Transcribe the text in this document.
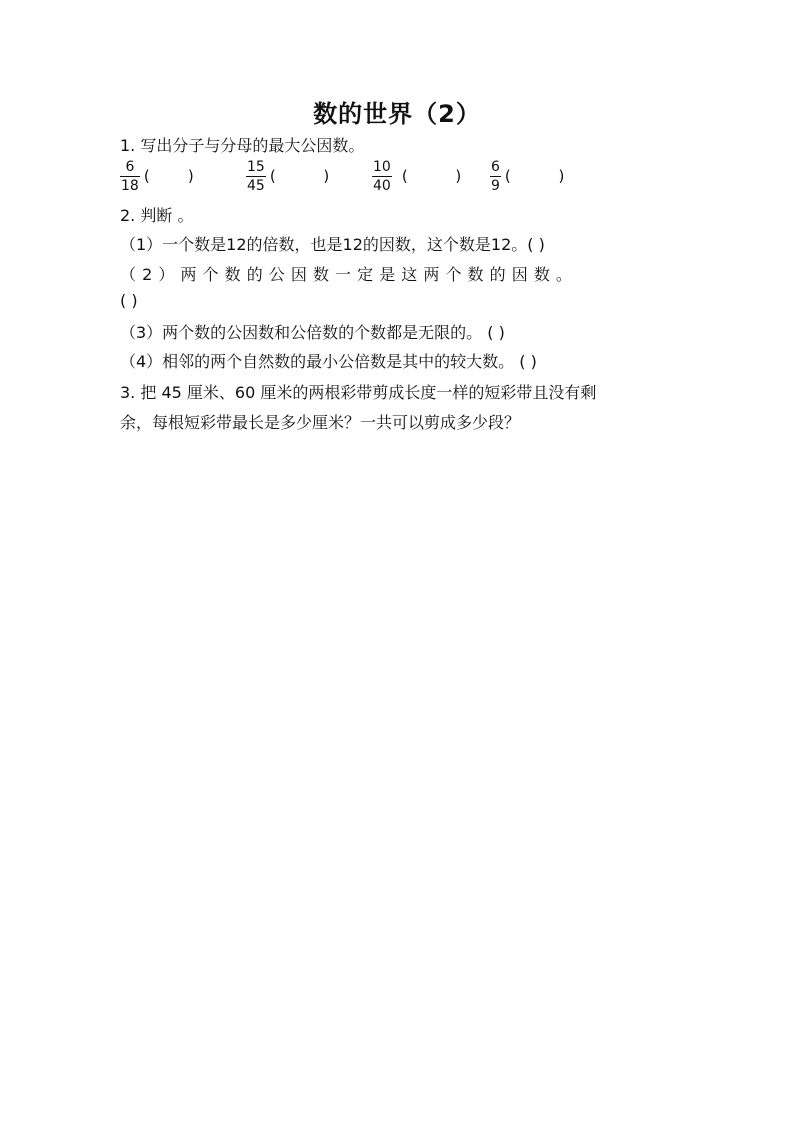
数的世界（2）
1. 写出分子与分母的最大公因数。
$\frac{6}{18}$ (        )	$\frac{15}{45}$ (          )	$\frac{10}{40}$ (          ) $\frac{6}{9}$ (          )
2. 判断 。
（1）一个数是12的倍数，也是12的因数，这个数是12。( )
（ 2 ） 两 个 数 的 公 因 数 一 定 是 这 两 个 数 的 因 数 。
( )
（3）两个数的公因数和公倍数的个数都是无限的。 ( )
（4）相邻的两个自然数的最小公倍数是其中的较大数。 ( )
3. 把 45 厘米、60 厘米的两根彩带剪成长度一样的短彩带且没有剩
余，每根短彩带最长是多少厘米？一共可以剪成多少段？
